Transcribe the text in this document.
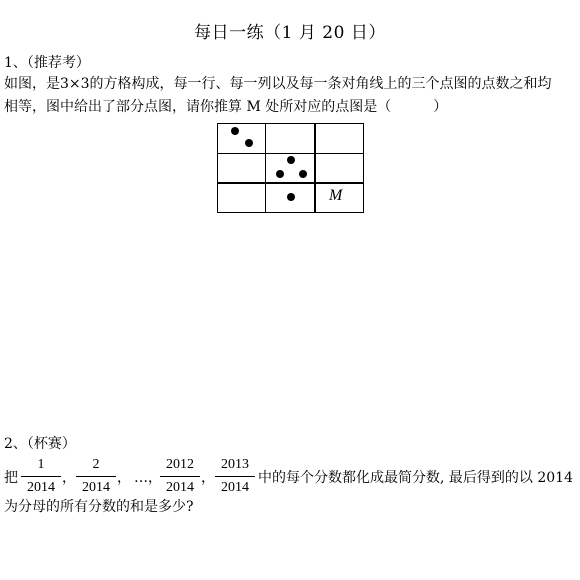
每日一练（1 月 20 日）
1、（推荐考）
如图，是3×3的方格构成，每一行、每一列以及每一条对角线上的三个点图的点数之和均
相等，图中给出了部分点图，请你推算 M 处所对应的点图是（　　　）
M
2、（杯赛）
把
1
2014
，
2
2014
， …，
2012
2014
，
2013
2014
中的每个分数都化成最简分数, 最后得到的以 2014
为分母的所有分数的和是多少?
